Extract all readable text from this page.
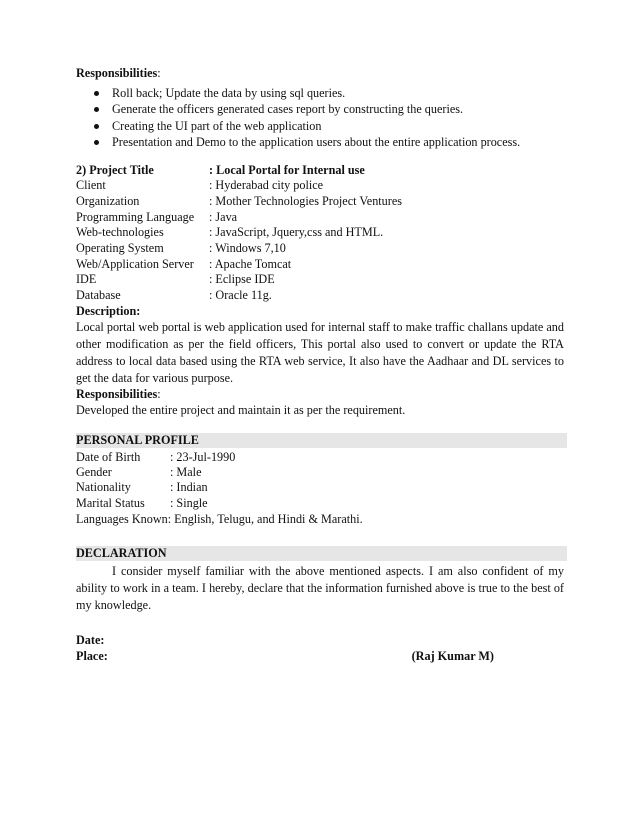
Responsibilities:
Roll back; Update the data by using sql queries.
Generate the officers generated cases report by constructing the queries.
Creating the UI part of the web application
Presentation and Demo to the application users about the entire application process.
2) Project Title	: Local Portal for Internal use
Client	: Hyderabad city police
Organization	: Mother Technologies Project Ventures
Programming Language	: Java
Web-technologies	: JavaScript, Jquery,css and HTML.
Operating System	: Windows 7,10
Web/Application Server	: Apache Tomcat
IDE	: Eclipse IDE
Database	: Oracle 11g.
Description:
Local portal web portal is web application used for internal staff to make traffic challans update and other modification as per the field officers, This portal also used to convert or update the RTA address to local data based using the RTA web service, It also have the Aadhaar and DL services to get the data for various purpose.
Responsibilities:
Developed the entire project and maintain it as per the requirement.
PERSONAL PROFILE
Date of Birth	: 23-Jul-1990
Gender	: Male
Nationality	: Indian
Marital Status	: Single
Languages Known: English, Telugu, and Hindi & Marathi.
DECLARATION
I consider myself familiar with the above mentioned aspects. I am also confident of my ability to work in a team. I hereby, declare that the information furnished above is true to the best of my knowledge.
Date:
Place:	(Raj Kumar M)
